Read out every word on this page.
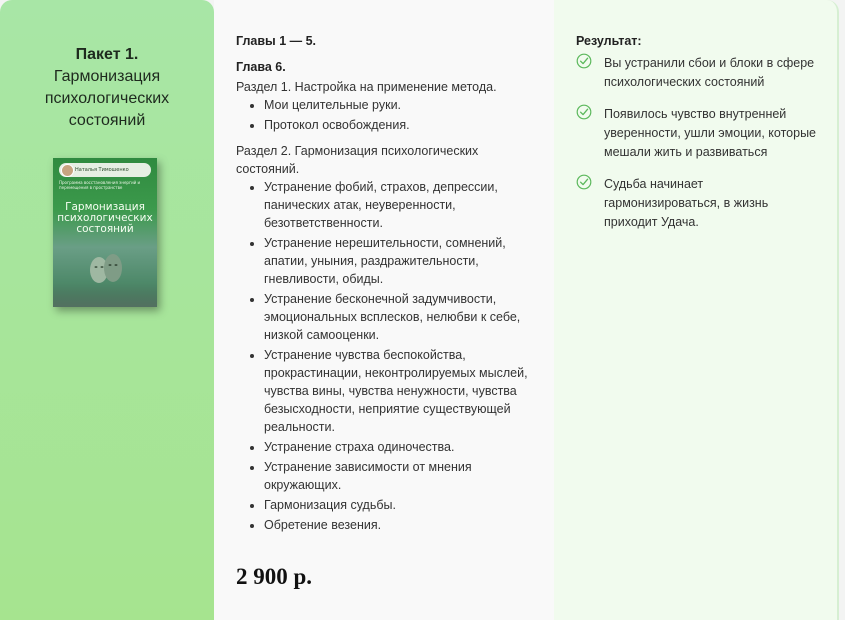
Пакет 1.
Гармонизация психологических состояний
Наталья Тимошенко
Программа восстановления энергий и перемещения в пространстве
Гармонизация психологических состояний
Главы 1 — 5.
Глава 6.

Раздел 1. Настройка на применение метода.

• Мои целительные руки.
• Протокол освобождения.

Раздел 2. Гармонизация психологических состояний.

• Устранение фобий, страхов, депрессии, панических атак, неуверенности, безответственности.
• Устранение нерешительности, сомнений, апатии, уныния, раздражительности, гневливости, обиды.
• Устранение бесконечной задумчивости, эмоциональных всплесков, нелюбви к себе, низкой самооценки.
• Устранение чувства беспокойства, прокрастинации, неконтролируемых мыслей, чувства вины, чувства ненужности, чувства безысходности, неприятие существующей реальности.
• Устранение страха одиночества.
• Устранение зависимости от мнения окружающих.
• Гармонизация судьбы.
• Обретение везения.
2 900 р.
Результат:
Вы устранили сбои и блоки в сфере психологических состояний
Появилось чувство внутренней уверенности, ушли эмоции, которые мешали жить и развиваться
Судьба начинает гармонизироваться, в жизнь приходит Удача.
